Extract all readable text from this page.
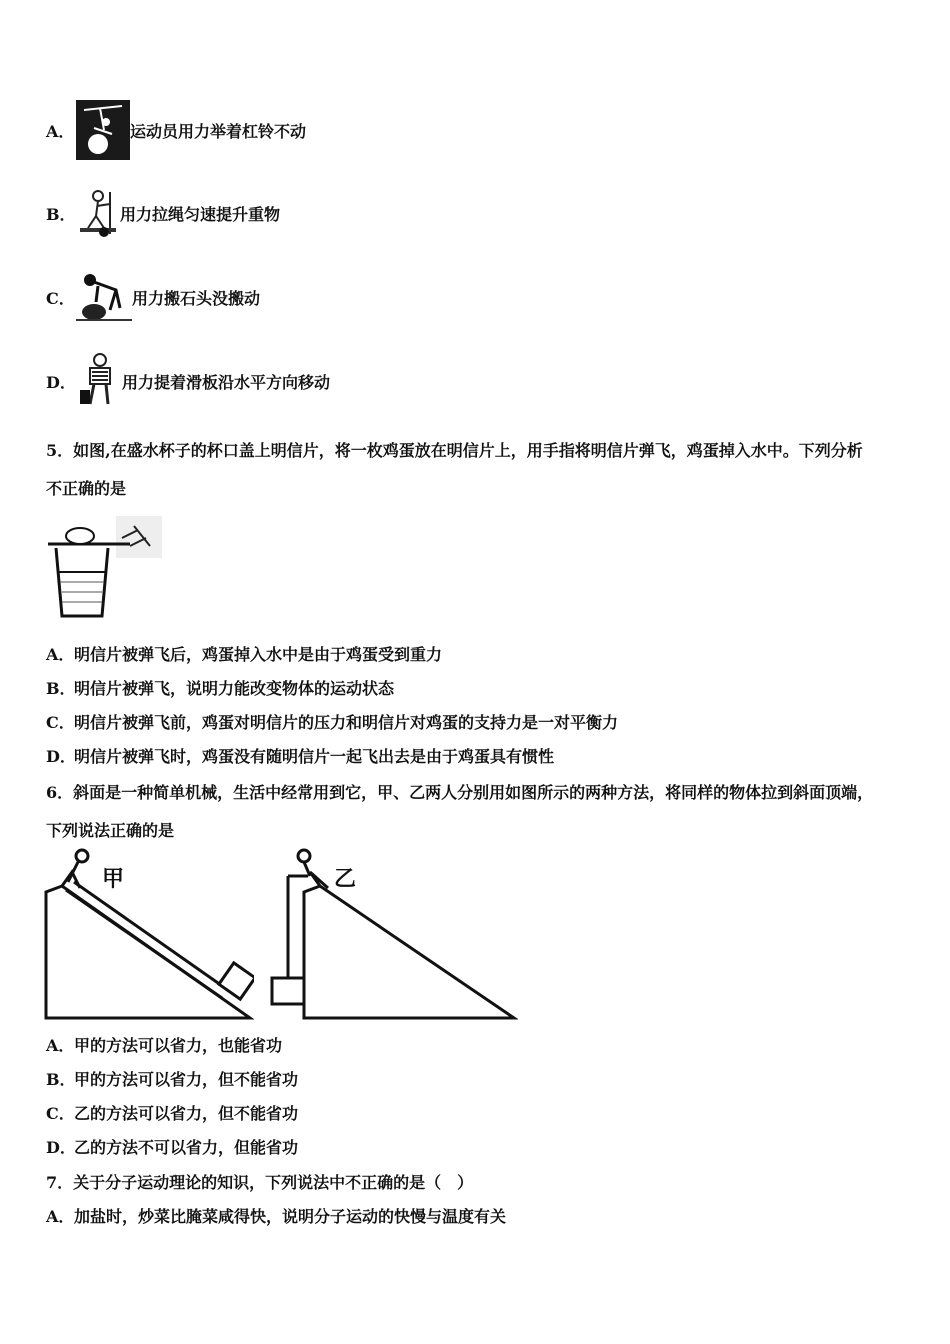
A．	运动员用力举着杠铃不动
B．	用力拉绳匀速提升重物
C．	用力搬石头没搬动
D．	用力提着滑板沿水平方向移动
5．如图,在盛水杯子的杯口盖上明信片，将一枚鸡蛋放在明信片上，用手指将明信片弹飞，鸡蛋掉入水中。下列分析
不正确的是
A．明信片被弹飞后，鸡蛋掉入水中是由于鸡蛋受到重力
B．明信片被弹飞，说明力能改变物体的运动状态
C．明信片被弹飞前，鸡蛋对明信片的压力和明信片对鸡蛋的支持力是一对平衡力
D．明信片被弹飞时，鸡蛋没有随明信片一起飞出去是由于鸡蛋具有惯性
6．斜面是一种简单机械，生活中经常用到它，甲、乙两人分别用如图所示的两种方法，将同样的物体拉到斜面顶端，
下列说法正确的是
甲	乙
A．甲的方法可以省力，也能省功
B．甲的方法可以省力，但不能省功
C．乙的方法可以省力，但不能省功
D．乙的方法不可以省力，但能省功
7．关于分子运动理论的知识，下列说法中不正确的是（　）
A．加盐时，炒菜比腌菜咸得快，说明分子运动的快慢与温度有关
